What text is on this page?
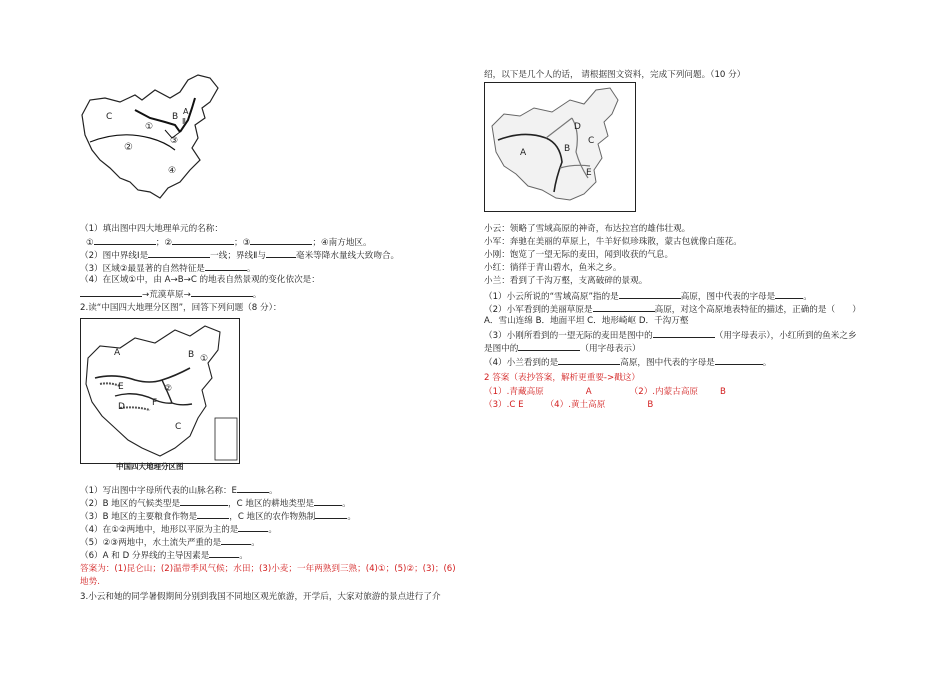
C
①
B
A
Ⅱ
②
③
④
（1）填出图中四大地理单元的名称：
①	；②	；③	；④南方地区。
（2）图中界线Ⅰ是	一线；界线Ⅱ与	毫米等降水量线大致吻合。
（3）区域②最显著的自然特征是	。
（4）在区域①中，由 A→B→C 的地表自然景观的变化依次是：
→荒漠草原→	。
2.读“中国四大地理分区图”，回答下列问题（8 分）：
A	B ①
E	②
D	F
C
中国四大地理分区图
（1）写出图中字母所代表的山脉名称：E	。
（2）B 地区的气候类型是	，C 地区的耕地类型是	。
（3）B 地区的主要粮食作物是	，C 地区的农作物熟制	。
（4）在①②两地中，地形以平原为主的是	。
（5）②③两地中，水土流失严重的是	。
（6）A 和 D 分界线的主导因素是	。
答案为：(1)昆仑山；(2)温带季风气候；水田；(3)小麦；一年两熟到三熟；(4)①；(5)②；(3)；(6)
地势.
3.小云和她的同学暑假期间分别到我国不同地区观光旅游，开学后，大家对旅游的景点进行了介
绍，以下是几个人的话， 请根据图文资料，完成下列问题。（10 分）
D
B
C
A
E
小云：领略了雪域高原的神奇，布达拉宫的雄伟壮观。
小军：奔驰在美丽的草原上，牛羊好似珍珠散，蒙古包就像白莲花。
小刚：饱览了一望无际的麦田，闻到收获的气息。
小红：徜徉于青山碧水，鱼米之乡。
小兰：看到了千沟万壑，支离破碎的景观。
（1）小云所说的“雪域高原”指的是	高原，图中代表的字母是	。
（2）小军看到的美丽草原是	高原，对这个高原地表特征的描述，正确的是（　　）
A．雪山连绵 B．地面平坦 C．地形崎岖 D．千沟万壑
（3）小刚所看到的一望无际的麦田是图中的	（用字母表示），小红所到的鱼米之乡
是图中的	（用字母表示）
（4）小兰看到的是	高原，图中代表的字母是	。
2 答案（表抄答案，解析更重要->戳这）
（1）.青藏高原	A	（2）.内蒙古高原	B
（3）.C E	（4）.黄土高原	B
